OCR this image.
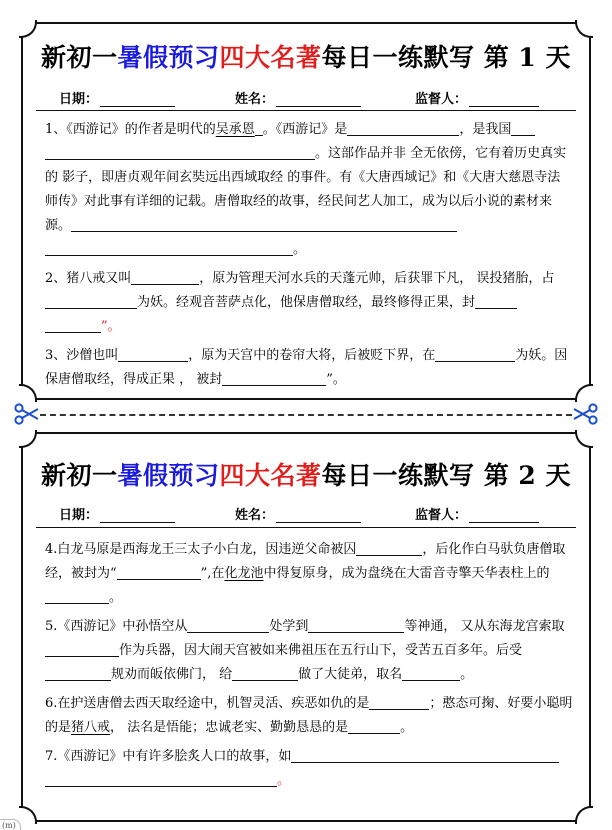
新初一暑假预习四大名著每日一练默写 第 1 天
日期：	姓名：	监督人：

1、《西游记》的作者是明代的吴承恩 。《西游记》是	，是我国。这部作品并非 全无依傍，它有着历史真实的 影子，即唐贞观年间玄奘远出西域取经 的事件。有《大唐西域记》和《大唐大慈恩寺法师传》对此事有详细的记载。唐僧取经的故事，经民间艺人加工，成为以后小说的素材来 源。
。

2、猪八戒又叫	，原为管理天河水兵的天蓬元帅，后获罪下凡， 误投猪胎，占为妖。经观音菩萨点化，他保唐僧取经，最终修得正果，封 ”。

3、沙僧也叫	，原为天宫中的卷帘大将，后被贬下界，在	为妖。因保唐僧取经，得成正果 ， 被封	”。

新初一暑假预习四大名著每日一练默写 第 2 天
日期：	姓名：	监督人：

4.白龙马原是西海龙王三太子小白龙，因违逆父命被囚	，后化作白马驮负唐僧取经，被封为“	”,在化龙池中得复原身，成为盘绕在大雷音寺擎天华表柱上的。

5.《西游记》中孙悟空从	处学到	等神通， 又从东海龙宫索取作为兵器，因大闹天宫被如来佛祖压在五行山下，受苦五百多年。后受规劝而皈依佛门， 给	做了大徒弟，取名	。

6.在护送唐僧去西天取经途中，机智灵活、疾恶如仇的是	；憨态可掬、好要小聪明的是猪八戒， 法名是悟能；忠诚老实、勤勤恳恳的是	。

7.《西游记》中有许多脍炙人口的故事，如
。

(m)
